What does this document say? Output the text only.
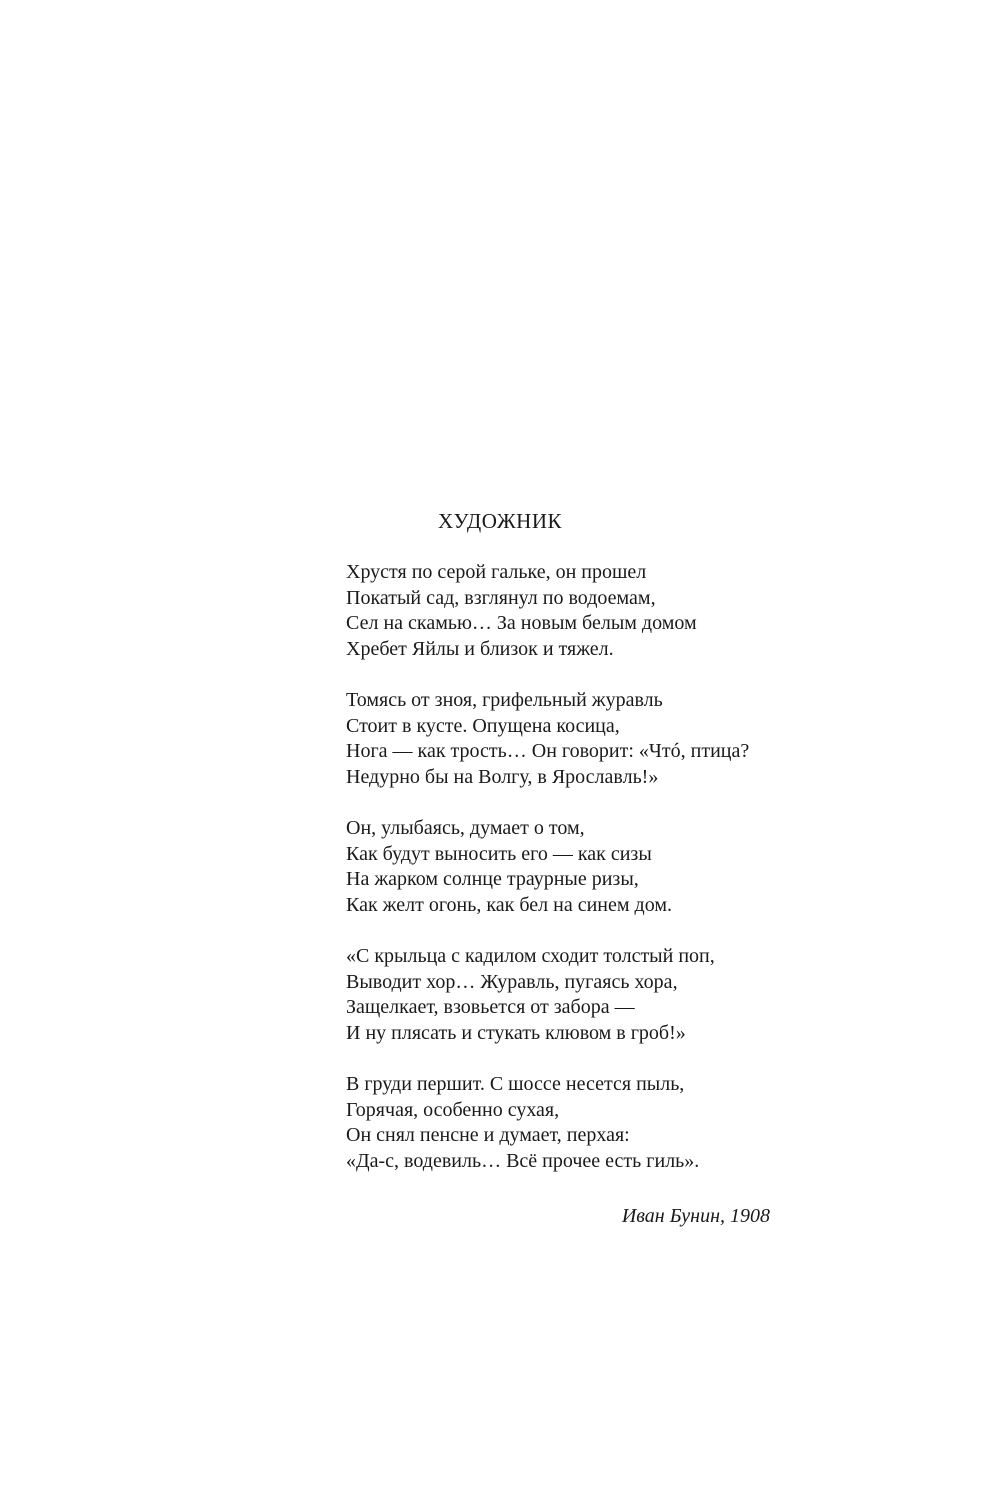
ХУДОЖНИК
Хрустя по серой гальке, он прошел
Покатый сад, взглянул по водоемам,
Сел на скамью… За новым белым домом
Хребет Яйлы и близок и тяжел.
Томясь от зноя, грифельный журавль
Стоит в кусте. Опущена косица,
Нога — как трость… Он говорит: «Чтó, птица?
Недурно бы на Волгу, в Ярославль!»
Он, улыбаясь, думает о том,
Как будут выносить его — как сизы
На жарком солнце траурные ризы,
Как желт огонь, как бел на синем дом.
«С крыльца с кадилом сходит толстый поп,
Выводит хор… Журавль, пугаясь хора,
Защелкает, взовьется от забора —
И ну плясать и стукать клювом в гроб!»
В груди першит. С шоссе несется пыль,
Горячая, особенно сухая,
Он снял пенсне и думает, перхая:
«Да-с, водевиль… Всё прочее есть гиль».
Иван Бунин, 1908
